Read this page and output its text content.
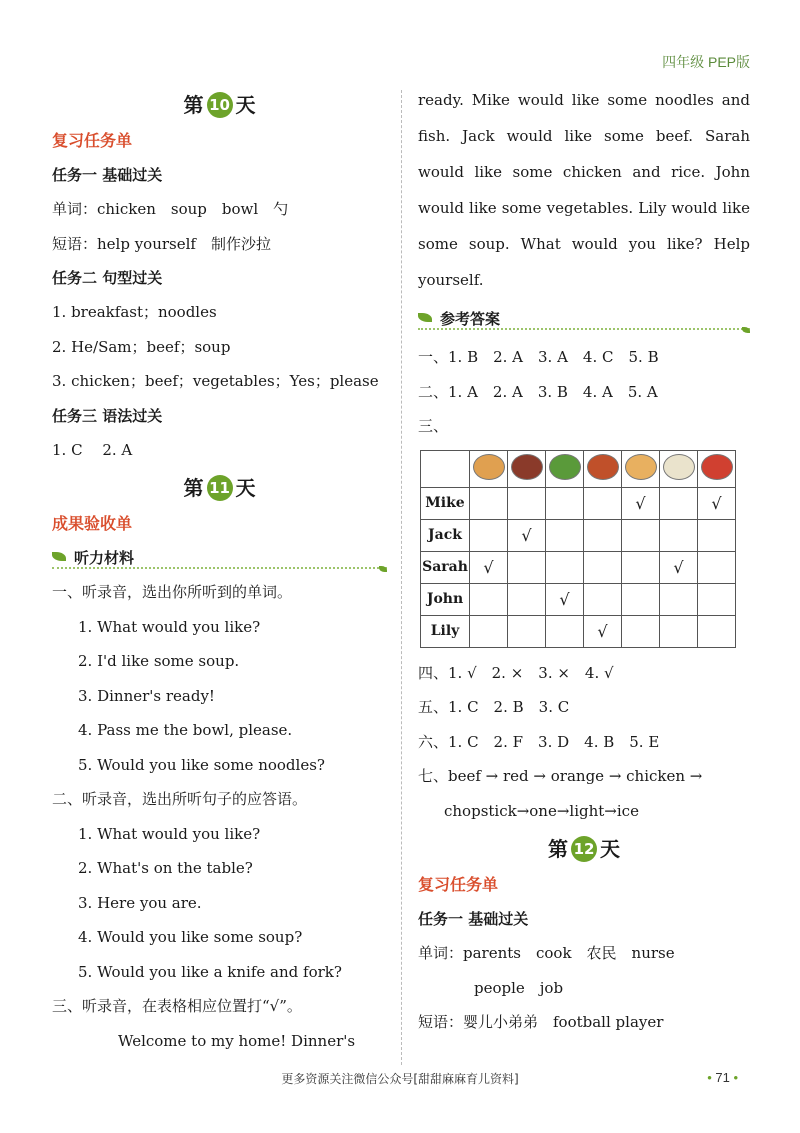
四年级 PEP版
第 10 天
复习任务单
任务一 基础过关
单词：chicken　soup　bowl　勺
短语：help yourself　制作沙拉
任务二 句型过关
1. breakfast；noodles
2. He/Sam；beef；soup
3. chicken；beef；vegetables；Yes；please
任务三 语法过关
1. C　 2. A
第 11 天
成果验收单
听力材料
一、听录音，选出你所听到的单词。
1. What would you like?
2. I'd like some soup.
3. Dinner's ready!
4. Pass me the bowl, please.
5. Would you like some noodles?
二、听录音，选出所听句子的应答语。
1. What would you like?
2. What's on the table?
3. Here you are.
4. Would you like some soup?
5. Would you like a knife and fork?
三、听录音，在表格相应位置打“√”。
Welcome to my home! Dinner's
ready. Mike would like some noodles and fish. Jack would like some beef. Sarah would like some chicken and rice. John would like some vegetables. Lily would like some soup. What would you like? Help yourself.
参考答案
一、1. B　2. A　3. A　4. C　5. B
二、1. A　2. A　3. B　4. A　5. A
三、

Mike					√		√
Jack		√					
Sarah	√					√	
John			√				
Lily				√			
四、1. √　2. ×　3. ×　4. √
五、1. C　2. B　3. C
六、1. C　2. F　3. D　4. B　5. E
七、beef → red → orange → chicken →
chopstick→one→light→ice
第 12 天
复习任务单
任务一 基础过关
单词：parents　cook　农民　nurse
people　job
短语：婴儿小弟弟　football player
更多资源关注微信公众号[甜甜麻麻育儿资料]	• 71 •
